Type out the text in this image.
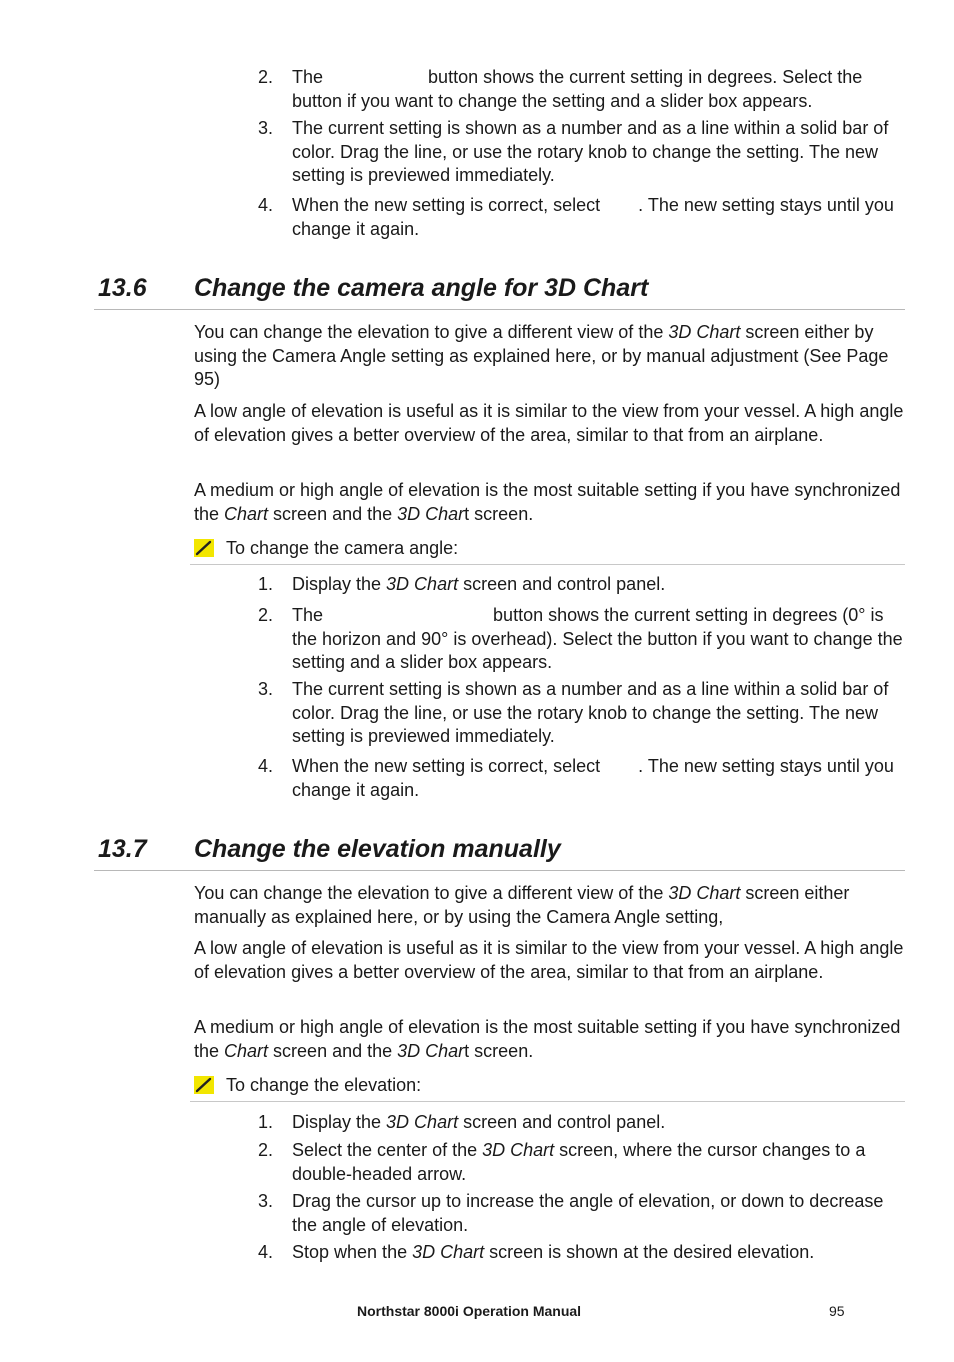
2. The	button shows the current setting in degrees. Select the button if you want to change the setting and a slider box appears.
3. The current setting is shown as a number and as a line within a solid bar of color. Drag the line, or use the rotary knob to change the setting. The new setting is previewed immediately.
4. When the new setting is correct, select . The new setting stays until you change it again.
13.6 Change the camera angle for 3D Chart
You can change the elevation to give a different view of the 3D Chart screen either by using the Camera Angle setting as explained here, or by manual adjustment (See Page 95)
A low angle of elevation is useful as it is similar to the view from your vessel. A high angle of elevation gives a better overview of the area, similar to that from an airplane.
A medium or high angle of elevation is the most suitable setting if you have synchronized the Chart screen and the 3D Chart screen.
To change the camera angle:
1. Display the 3D Chart screen and control panel.
2. The	button shows the current setting in degrees (0° is the horizon and 90° is overhead). Select the button if you want to change the setting and a slider box appears.
3. The current setting is shown as a number and as a line within a solid bar of color. Drag the line, or use the rotary knob to change the setting. The new setting is previewed immediately.
4. When the new setting is correct, select . The new setting stays until you change it again.
13.7 Change the elevation manually
You can change the elevation to give a different view of the 3D Chart screen either manually as explained here, or by using the Camera Angle setting,
A low angle of elevation is useful as it is similar to the view from your vessel. A high angle of elevation gives a better overview of the area, similar to that from an airplane.
A medium or high angle of elevation is the most suitable setting if you have synchronized the Chart screen and the 3D Chart screen.
To change the elevation:
1. Display the 3D Chart screen and control panel.
2. Select the center of the 3D Chart screen, where the cursor changes to a double-headed arrow.
3. Drag the cursor up to increase the angle of elevation, or down to decrease the angle of elevation.
4. Stop when the 3D Chart screen is shown at the desired elevation.
Northstar 8000i Operation Manual	95
